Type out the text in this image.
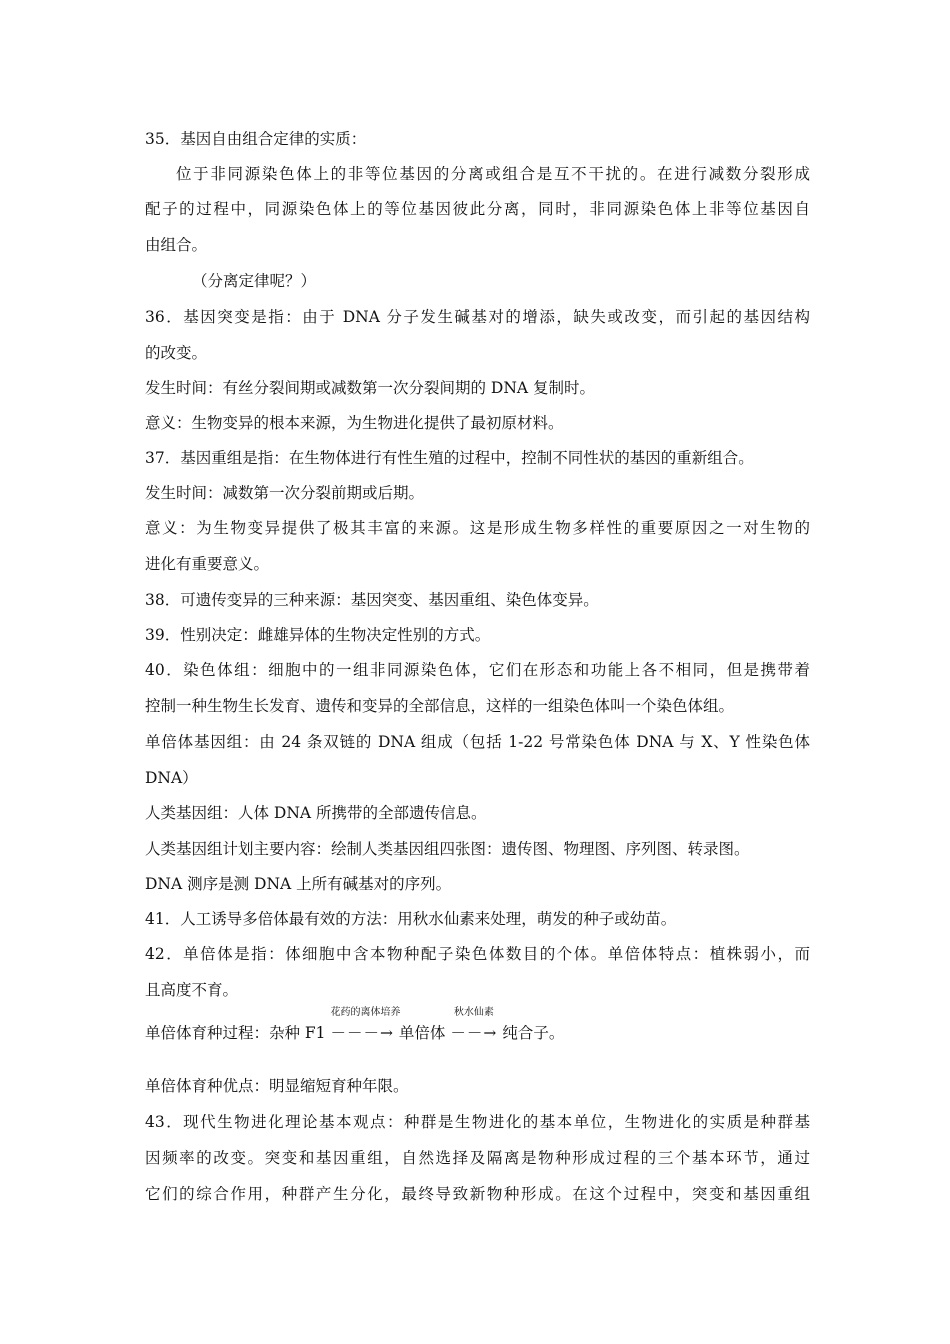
35．基因自由组合定律的实质：
位于非同源染色体上的非等位基因的分离或组合是互不干扰的。在进行减数分裂形成
配子的过程中，同源染色体上的等位基因彼此分离，同时，非同源染色体上非等位基因自
由组合。
（分离定律呢？）
36．基因突变是指：由于 DNA 分子发生碱基对的增添，缺失或改变，而引起的基因结构
的改变。
发生时间：有丝分裂间期或减数第一次分裂间期的 DNA 复制时。
意义：生物变异的根本来源，为生物进化提供了最初原材料。
37．基因重组是指：在生物体进行有性生殖的过程中，控制不同性状的基因的重新组合。
发生时间：减数第一次分裂前期或后期。
意义：为生物变异提供了极其丰富的来源。这是形成生物多样性的重要原因之一对生物的
进化有重要意义。
38．可遗传变异的三种来源：基因突变、基因重组、染色体变异。
39．性别决定：雌雄异体的生物决定性别的方式。
40．染色体组：细胞中的一组非同源染色体，它们在形态和功能上各不相同，但是携带着
控制一种生物生长发育、遗传和变异的全部信息，这样的一组染色体叫一个染色体组。
单倍体基因组：由 24 条双链的 DNA 组成（包括 1-22 号常染色体 DNA 与 X、Y 性染色体
DNA）
人类基因组：人体 DNA 所携带的全部遗传信息。
人类基因组计划主要内容：绘制人类基因组四张图：遗传图、物理图、序列图、转录图。
DNA 测序是测 DNA 上所有碱基对的序列。
41．人工诱导多倍体最有效的方法：用秋水仙素来处理，萌发的种子或幼苗。
42．单倍体是指：体细胞中含本物种配子染色体数目的个体。单倍体特点：植株弱小，而
且高度不育。
单倍体育种过程：杂种 F1
花药的离体培养
－－－→ 单倍体
秋水仙素
－－→ 纯合子。
单倍体育种优点：明显缩短育种年限。
43．现代生物进化理论基本观点：种群是生物进化的基本单位，生物进化的实质是种群基
因频率的改变。突变和基因重组，自然选择及隔离是物种形成过程的三个基本环节，通过
它们的综合作用，种群产生分化，最终导致新物种形成。在这个过程中，突变和基因重组
